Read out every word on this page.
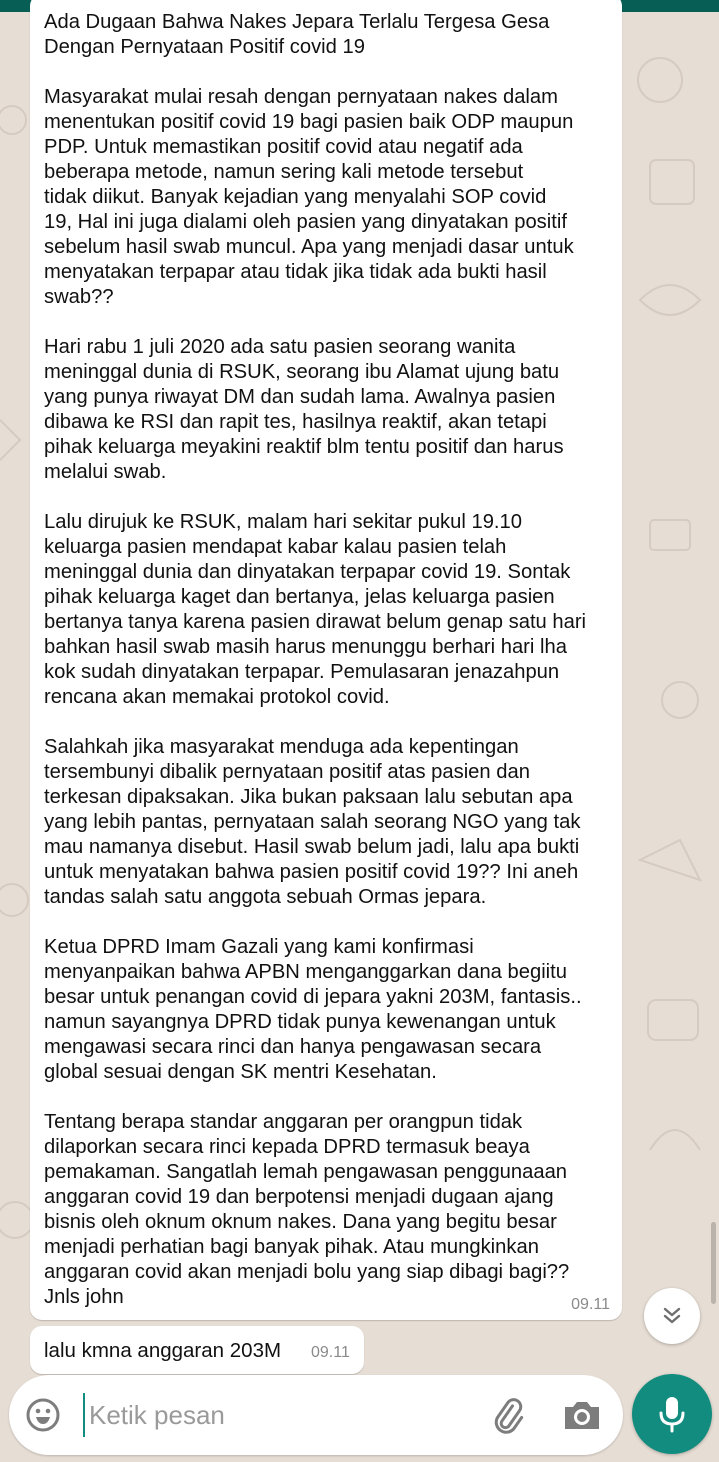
Ada Dugaan Bahwa Nakes Jepara Terlalu Tergesa Gesa
Dengan Pernyataan Positif covid 19

Masyarakat mulai resah dengan pernyataan nakes dalam
menentukan positif covid 19 bagi pasien baik ODP maupun
PDP. Untuk memastikan positif covid atau negatif ada
beberapa metode, namun sering kali metode tersebut
tidak diikut. Banyak kejadian yang menyalahi SOP covid
19, Hal ini juga dialami oleh pasien yang dinyatakan positif
sebelum hasil swab muncul. Apa yang menjadi dasar untuk
menyatakan terpapar atau tidak jika tidak ada bukti hasil
swab??

Hari rabu 1 juli 2020 ada satu pasien seorang wanita
meninggal dunia di RSUK, seorang ibu Alamat ujung batu
yang punya riwayat DM dan sudah lama. Awalnya pasien
dibawa ke RSI dan rapit tes, hasilnya reaktif, akan tetapi
pihak keluarga meyakini reaktif blm tentu positif dan harus
melalui swab.

Lalu dirujuk ke RSUK, malam hari sekitar pukul 19.10
keluarga pasien mendapat kabar kalau pasien telah
meninggal dunia dan dinyatakan terpapar covid 19. Sontak
pihak keluarga kaget dan bertanya, jelas keluarga pasien
bertanya tanya karena pasien dirawat belum genap satu hari
bahkan hasil swab masih harus menunggu berhari hari lha
kok sudah dinyatakan terpapar. Pemulasaran jenazahpun
rencana akan memakai protokol covid.

Salahkah jika masyarakat menduga ada kepentingan
tersembunyi dibalik pernyataan positif atas pasien dan
terkesan dipaksakan. Jika bukan paksaan lalu sebutan apa
yang lebih pantas, pernyataan salah seorang NGO yang tak
mau namanya disebut. Hasil swab belum jadi, lalu apa bukti
untuk menyatakan bahwa pasien positif covid 19?? Ini aneh
tandas salah satu anggota sebuah Ormas jepara.

Ketua DPRD Imam Gazali yang kami konfirmasi
menyanpaikan bahwa APBN menganggarkan dana begiitu
besar untuk penangan covid di jepara yakni 203M, fantasis..
namun sayangnya DPRD tidak punya kewenangan untuk
mengawasi secara rinci dan hanya pengawasan secara
global sesuai dengan SK mentri Kesehatan.

Tentang berapa standar anggaran per orangpun tidak
dilaporkan secara rinci kepada DPRD termasuk beaya
pemakaman. Sangatlah lemah pengawasan penggunaaan
anggaran covid 19 dan berpotensi menjadi dugaan ajang
bisnis oleh oknum oknum nakes. Dana yang begitu besar
menjadi perhatian bagi banyak pihak. Atau mungkinkan
anggaran covid akan menjadi bolu yang siap dibagi bagi??
Jnls john	09.11
lalu kmna anggaran 203M 09.11
Ketik pesan
